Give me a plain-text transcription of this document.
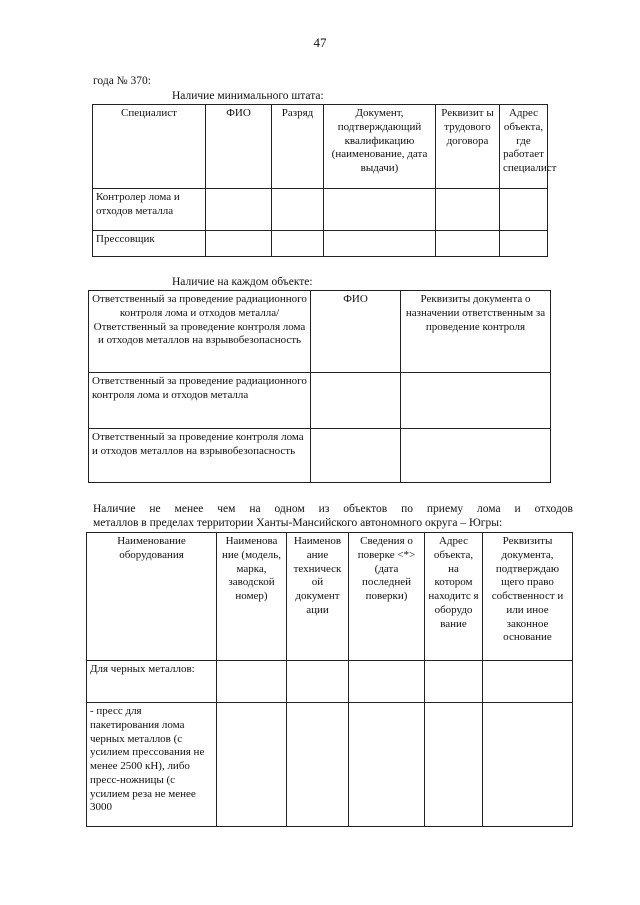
47
года № 370:
Наличие минимального штата:
Специалист	ФИО	Разряд	Документ, подтверждающий квалификацию (наименование, дата выдачи)	Реквизит ы трудового договора	Адрес объекта, где работает специалист
Контролер лома и отходов металла					
Прессовщик					
Наличие на каждом объекте:
Ответственный за проведение радиационного контроля лома и отходов металла/ Ответственный за проведение контроля лома и отходов металлов на взрывобезопасность	ФИО	Реквизиты документа о назначении ответственным за проведение контроля
Ответственный за проведение радиационного контроля лома и отходов металла		
Ответственный за проведение контроля лома и отходов металлов на взрывобезопасность		
Наличие не менее чем на одном из объектов по приему лома и отходов
металлов в пределах территории Ханты-Мансийского автономного округа – Югры:
Наименование оборудования	Наименова ние (модель, марка, заводской номер)	Наименов ание техническ ой документ ации	Сведения о поверке <*> (дата последней поверки)	Адрес объекта, на котором находитс я оборудо вание	Реквизиты документа, подтверждаю щего право собственност и или иное законное основание
Для черных металлов:					
- пресс для пакетирования лома черных металлов (с усилием прессования не менее 2500 кН), либо пресс-ножницы (с усилием реза не менее 3000					
